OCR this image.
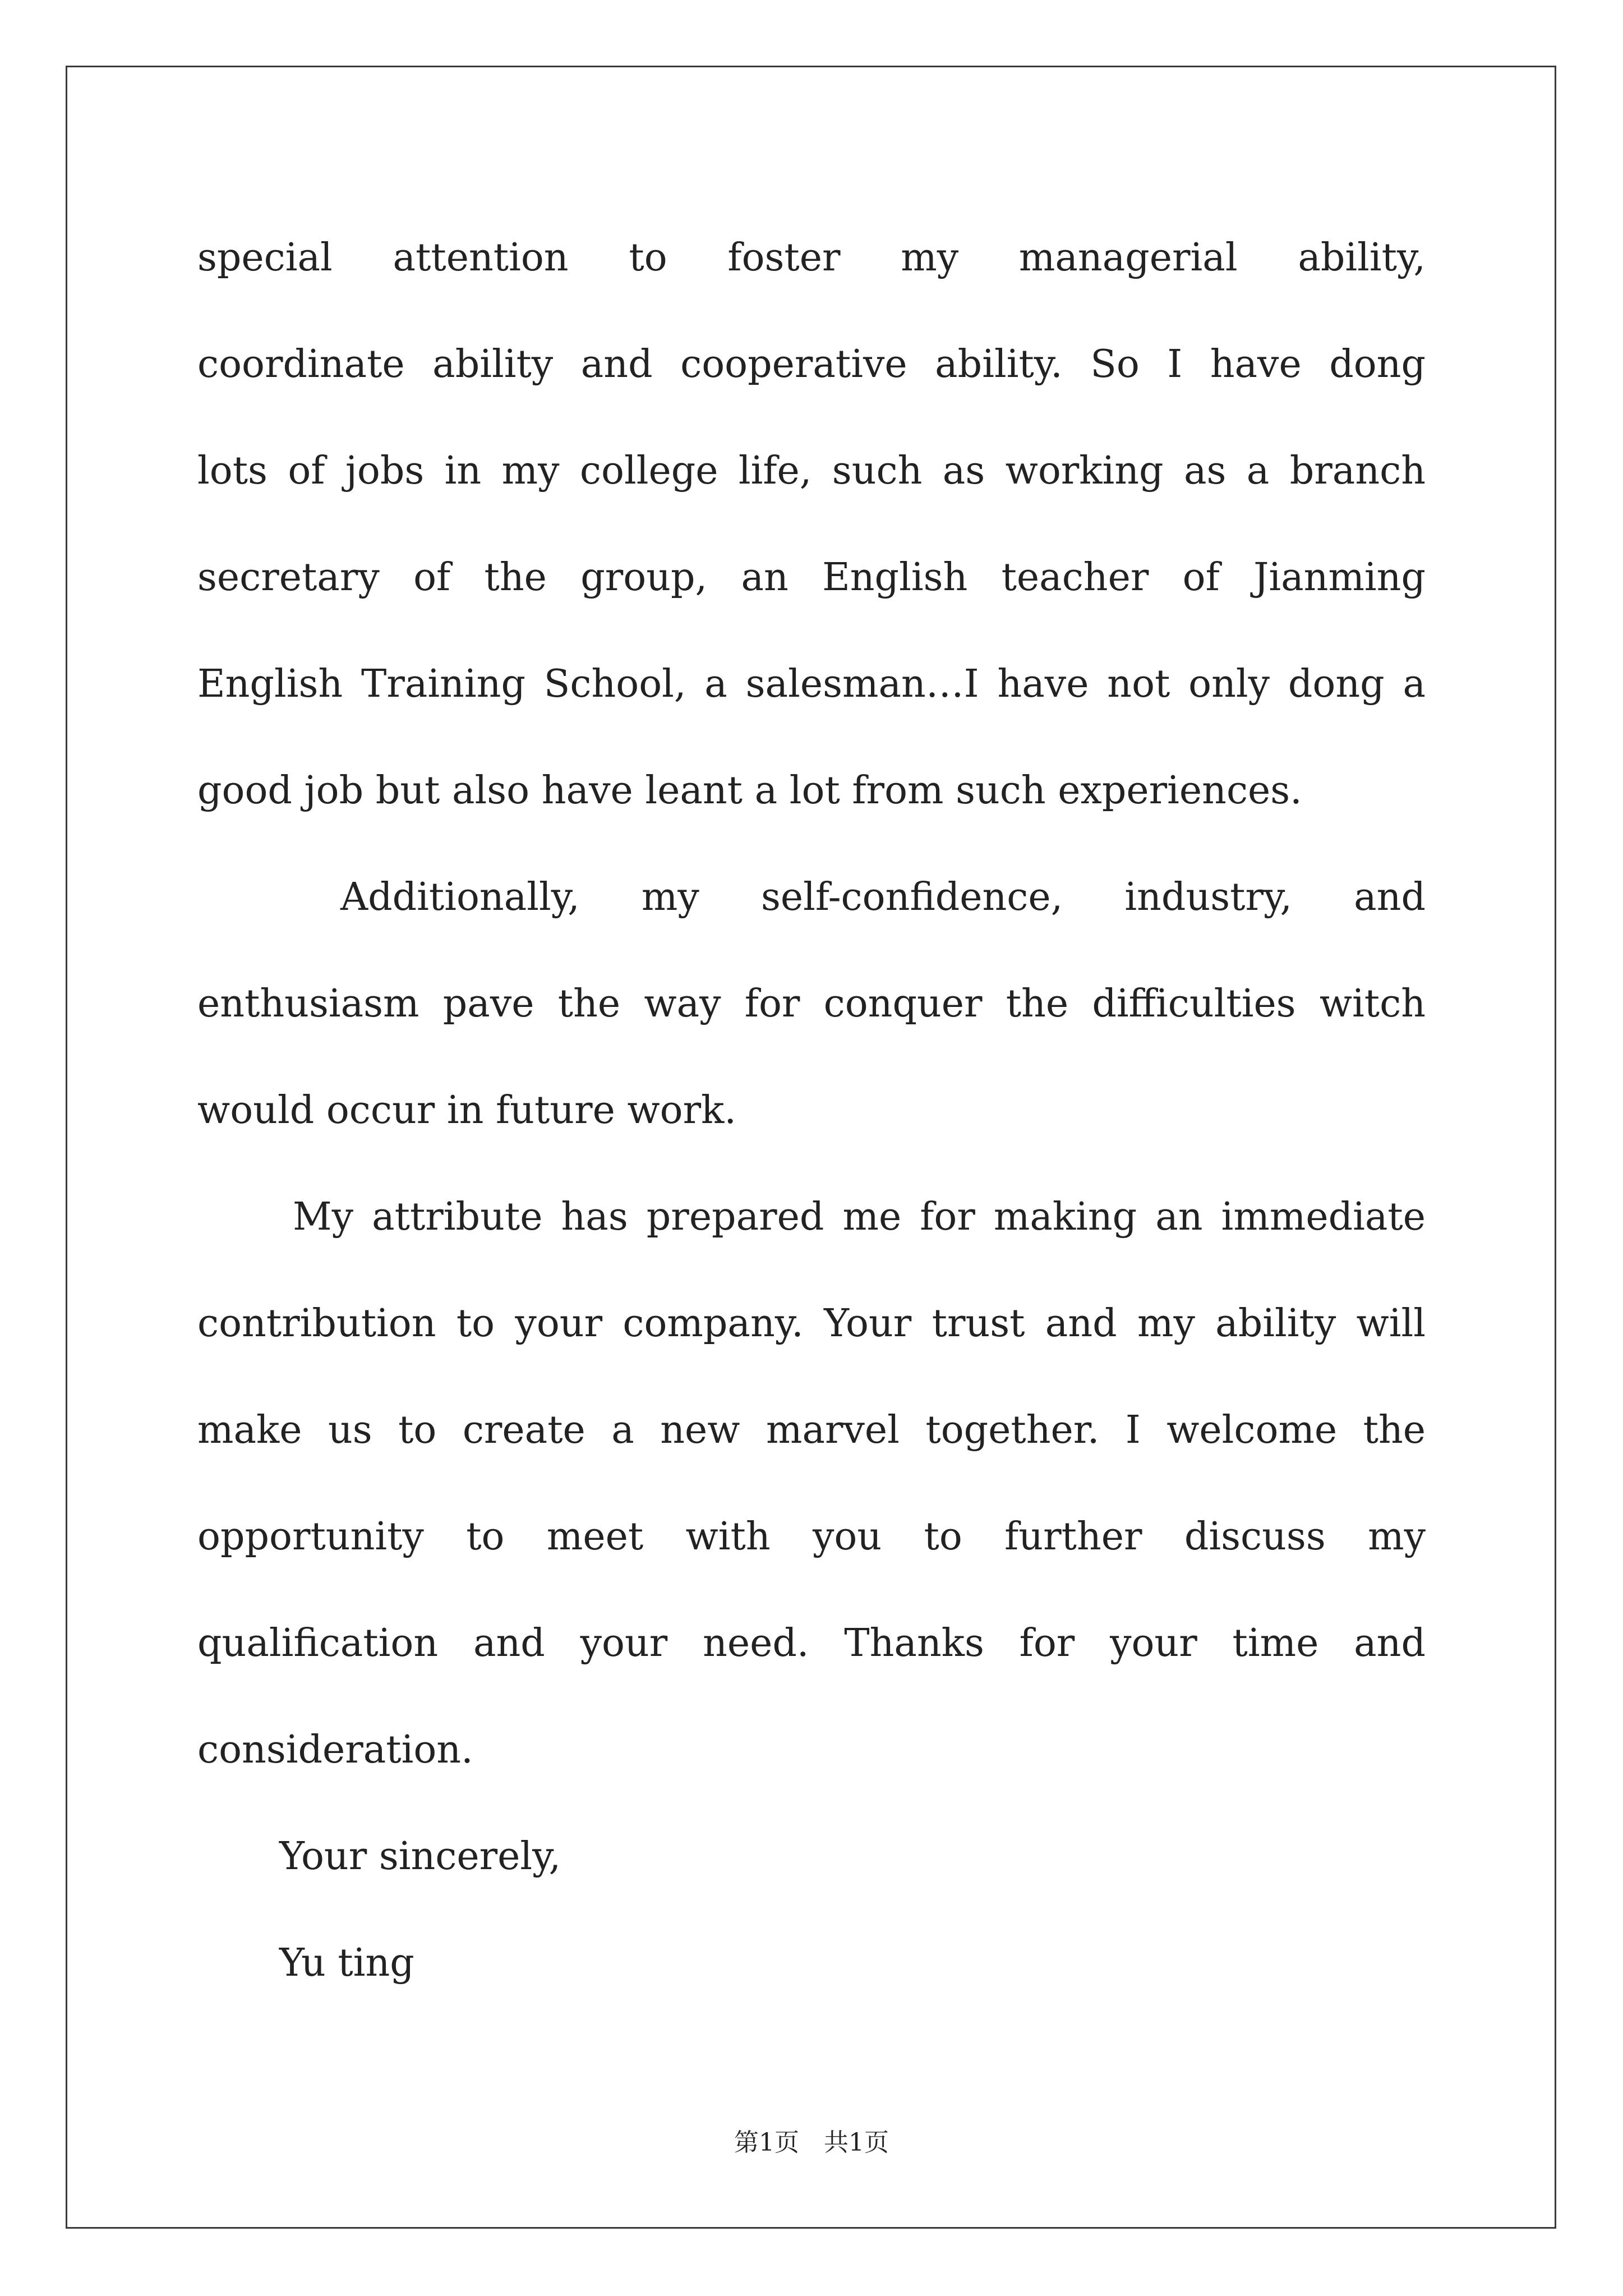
special attention to foster my managerial ability,
coordinate ability and cooperative ability. So I have dong
lots of jobs in my college life, such as working as a branch
secretary of the group, an English teacher of Jianming
English Training School, a salesman…I have not only dong a
good job but also have leant a lot from such experiences.
Additionally, my self-confidence, industry, and
enthusiasm pave the way for conquer the difficulties witch
would occur in future work.
My attribute has prepared me for making an immediate
contribution to your company. Your trust and my ability will
make us to create a new marvel together. I welcome the
opportunity to meet with you to further discuss my
qualification and your need. Thanks for your time and
consideration.
Your sincerely,
Yu ting
第1页　共1页
